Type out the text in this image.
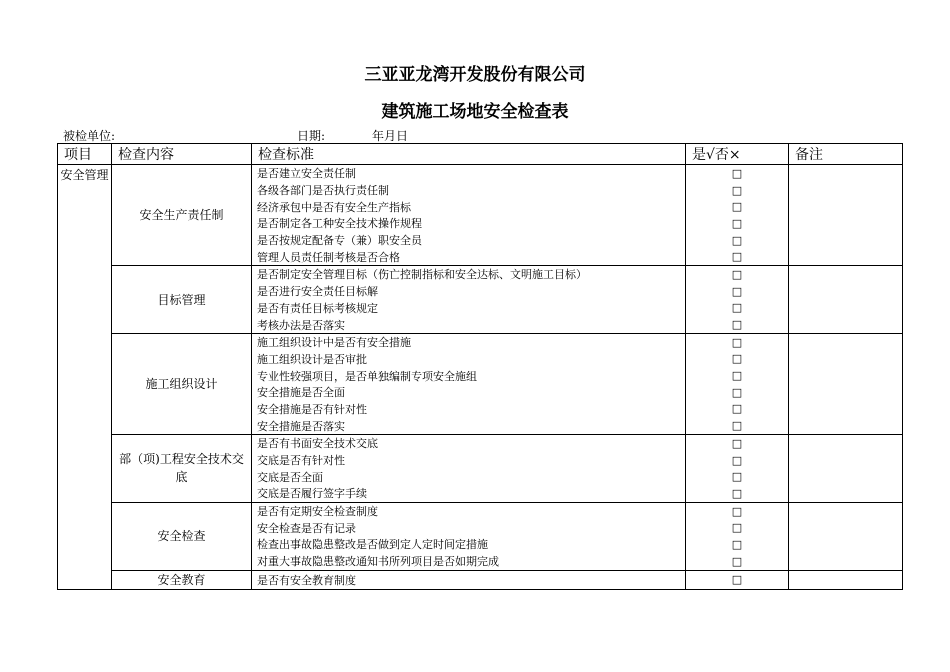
三亚亚龙湾开发股份有限公司
建筑施工场地安全检查表
被检单位:	日期:	年月日
项目	检查内容	检查标准	是√否×	备注
安全管理	安全生产责任制	是否建立安全责任制	□	
		各级各部门是否执行责任制	□	
		经济承包中是否有安全生产指标	□	
		是否制定各工种安全技术操作规程	□	
		是否按规定配备专（兼）职安全员	□	
		管理人员责任制考核是否合格	□	
	目标管理	是否制定安全管理目标（伤亡控制指标和安全达标、文明施工目标）	□	
		是否进行安全责任目标解	□	
		是否有责任目标考核规定	□	
		考核办法是否落实	□	
	施工组织设计	施工组织设计中是否有安全措施	□	
		施工组织设计是否审批	□	
		专业性较强项目，是否单独编制专项安全施组	□	
		安全措施是否全面	□	
		安全措施是否有针对性	□	
		安全措施是否落实	□	
	部（项)工程安全技术交底	是否有书面安全技术交底	□	
		交底是否有针对性	□	
		交底是否全面	□	
		交底是否履行签字手续	□	
	安全检查	是否有定期安全检查制度	□	
		安全检查是否有记录	□	
		检查出事故隐患整改是否做到定人定时间定措施	□	
		对重大事故隐患整改通知书所列项目是否如期完成	□	
	安全教育	是否有安全教育制度	□	
